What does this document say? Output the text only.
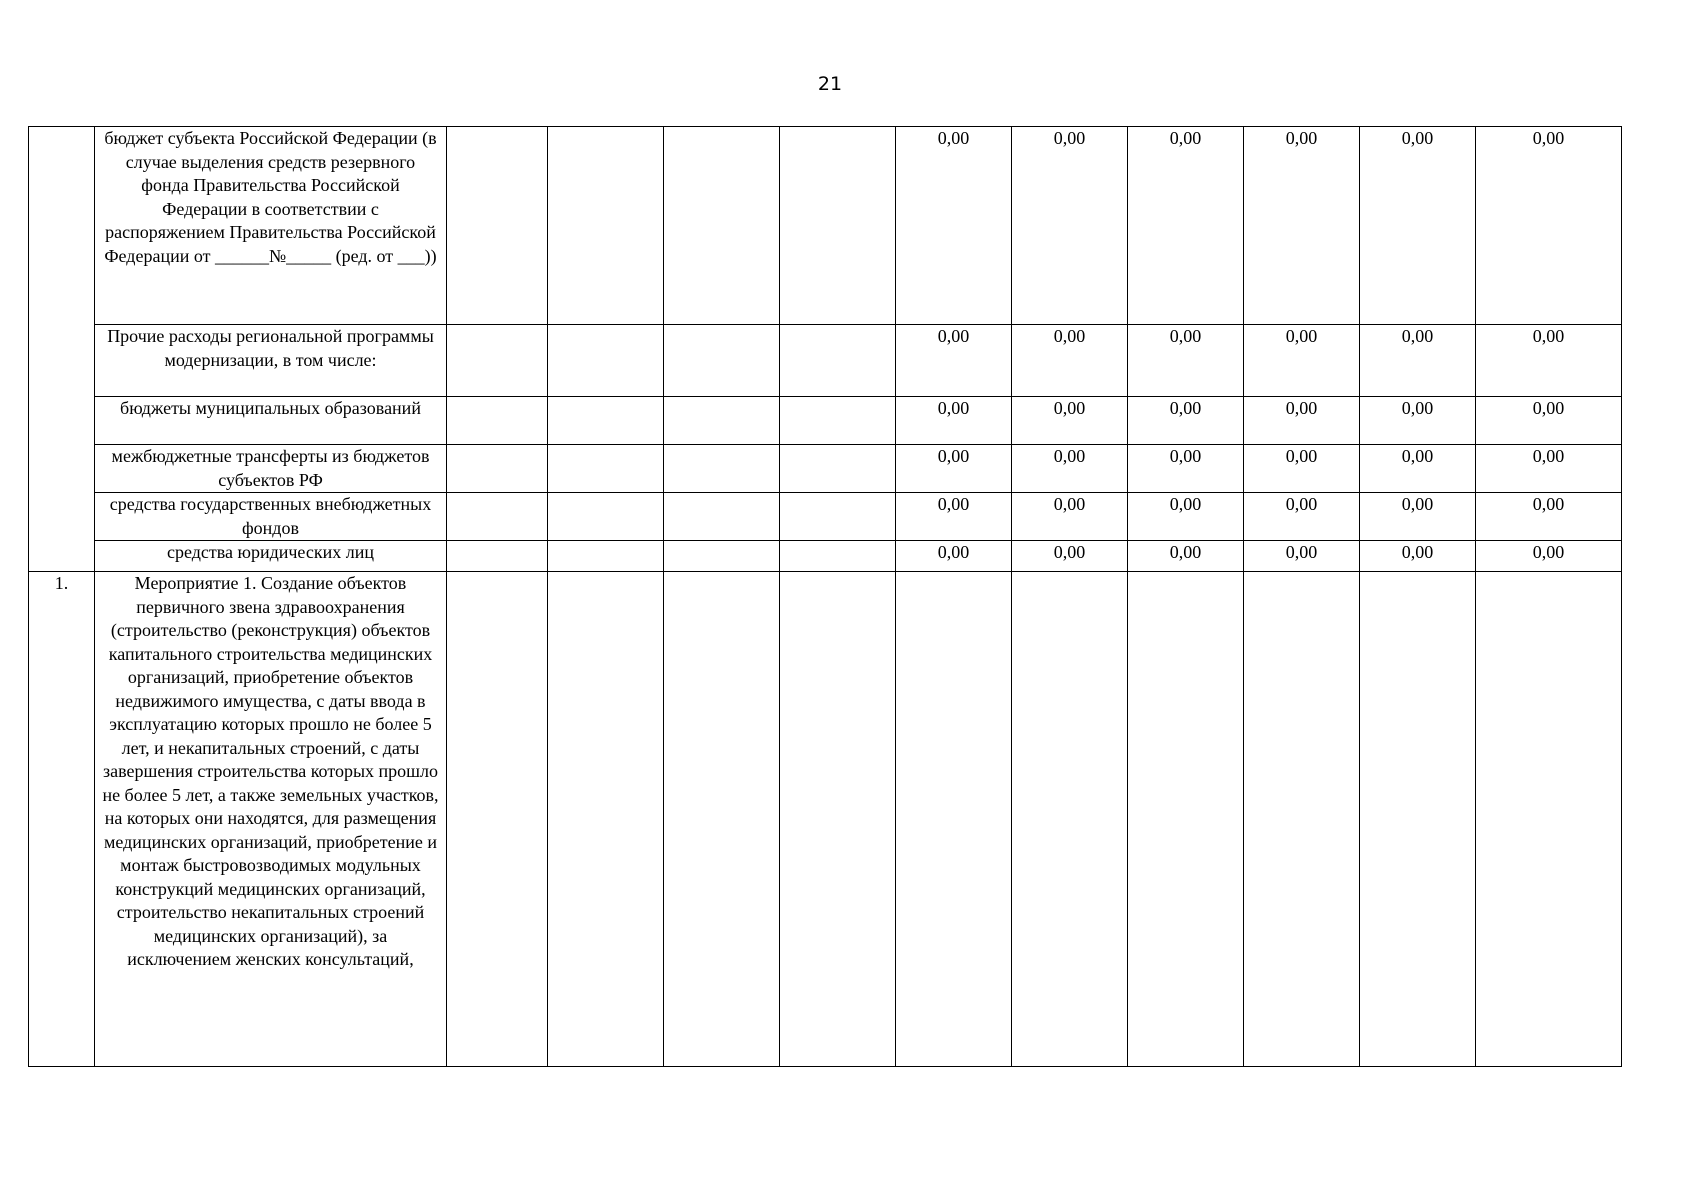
21
	бюджет субъекта Российской Федерации (в случае выделения средств резервного фонда Правительства Российской Федерации в соответствии с распоряжением Правительства Российской Федерации от ______№_____ (ред. от ___))					0,00	0,00	0,00	0,00	0,00	0,00
	Прочие расходы региональной программы модернизации, в том числе:					0,00	0,00	0,00	0,00	0,00	0,00
	бюджеты муниципальных образований					0,00	0,00	0,00	0,00	0,00	0,00
	межбюджетные трансферты из бюджетов субъектов РФ					0,00	0,00	0,00	0,00	0,00	0,00
	средства государственных внебюджетных фондов					0,00	0,00	0,00	0,00	0,00	0,00
	средства юридических лиц					0,00	0,00	0,00	0,00	0,00	0,00
1.	Мероприятие 1. Создание объектов первичного звена здравоохранения (строительство (реконструкция) объектов капитального строительства медицинских организаций, приобретение объектов недвижимого имущества, с даты ввода в эксплуатацию которых прошло не более 5 лет, и некапитальных строений, с даты завершения строительства которых прошло не более 5 лет, а также земельных участков, на которых они находятся, для размещения медицинских организаций, приобретение и монтаж быстровозводимых модульных конструкций медицинских организаций, строительство некапитальных строений медицинских организаций), за исключением женских консультаций,										
